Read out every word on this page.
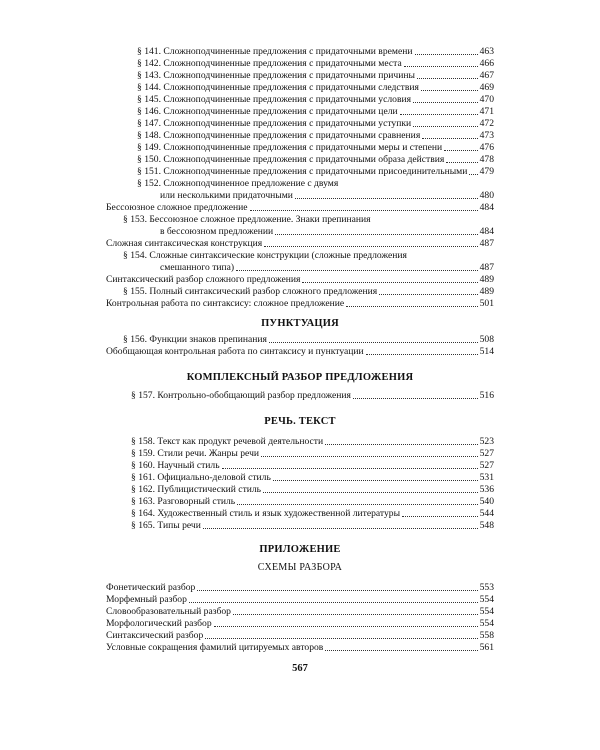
§ 141. Сложноподчиненные предложения с придаточными времени	463
§ 142. Сложноподчиненные предложения с придаточными места	466
§ 143. Сложноподчиненные предложения с придаточными причины	467
§ 144. Сложноподчиненные предложения с придаточными следствия	469
§ 145. Сложноподчиненные предложения с придаточными условия	470
§ 146. Сложноподчиненные предложения с придаточными цели	471
§ 147. Сложноподчиненные предложения с придаточными уступки	472
§ 148. Сложноподчиненные предложения с придаточными сравнения	473
§ 149. Сложноподчиненные предложения с придаточными меры и степени	476
§ 150. Сложноподчиненные предложения с придаточными образа действия	478
§ 151. Сложноподчиненные предложения с придаточными присоединительными 479
§ 152. Сложноподчиненное предложение с двумя
или несколькими придаточными	480
Бессоюзное сложное предложение	484
§ 153. Бессоюзное сложное предложение. Знаки препинания
в бессоюзном предложении	484
Сложная синтаксическая конструкция	487
§ 154. Сложные синтаксические конструкции (сложные предложения
смешанного типа)	487
Синтаксический разбор сложного предложения	489
§ 155. Полный синтаксический разбор сложного предложения	489
Контрольная работа по синтаксису: сложное предложение	501
ПУНКТУАЦИЯ
§ 156. Функции знаков препинания	508
Обобщающая контрольная работа по синтаксису и пунктуации	514
КОМПЛЕКСНЫЙ РАЗБОР ПРЕДЛОЖЕНИЯ
§ 157. Контрольно-обобщающий разбор предложения	516
РЕЧЬ. ТЕКСТ
§ 158. Текст как продукт речевой деятельности	523
§ 159. Стили речи. Жанры речи	527
§ 160. Научный стиль	527
§ 161. Официально-деловой стиль	531
§ 162. Публицистический стиль	536
§ 163. Разговорный стиль	540
§ 164. Художественный стиль и язык художественной литературы	544
§ 165. Типы речи	548
ПРИЛОЖЕНИЕ
СХЕМЫ РАЗБОРА
Фонетический разбор	553
Морфемный разбор	554
Словообразовательный разбор	554
Морфологический разбор	554
Синтаксический разбор	558
Условные сокращения фамилий цитируемых авторов	561
567
